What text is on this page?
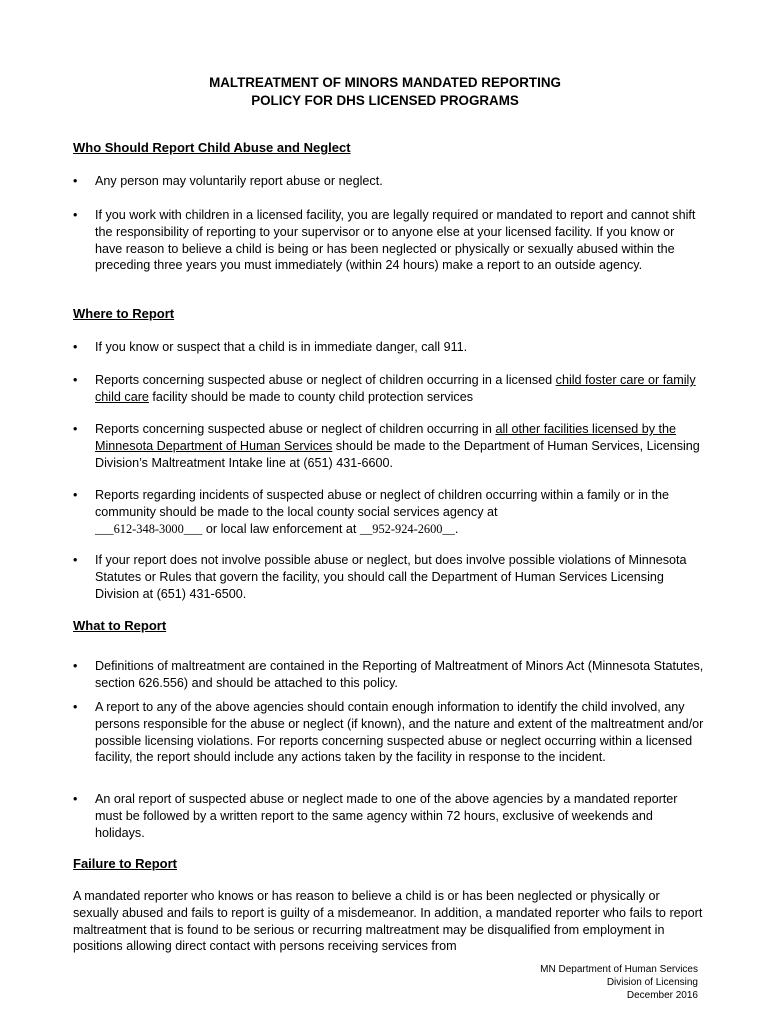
MALTREATMENT OF MINORS MANDATED REPORTING
POLICY FOR DHS LICENSED PROGRAMS
Who Should Report Child Abuse and Neglect
•	Any person may voluntarily report abuse or neglect.
•	If you work with children in a licensed facility, you are legally required or mandated to report and cannot shift the responsibility of reporting to your supervisor or to anyone else at your licensed facility. If you know or have reason to believe a child is being or has been neglected or physically or sexually abused within the preceding three years you must immediately (within 24 hours) make a report to an outside agency.
Where to Report
•	If you know or suspect that a child is in immediate danger, call 911.
•	Reports concerning suspected abuse or neglect of children occurring in a licensed child foster care or family child care facility should be made to county child protection services
•	Reports concerning suspected abuse or neglect of children occurring in all other facilities licensed by the Minnesota Department of Human Services should be made to the Department of Human Services, Licensing Division’s Maltreatment Intake line at (651) 431-6600.
•	Reports regarding incidents of suspected abuse or neglect of children occurring within a family or in the community should be made to the local county social services agency at
___612-348-3000___ or local law enforcement at __952-924-2600__.
•	If your report does not involve possible abuse or neglect, but does involve possible violations of Minnesota Statutes or Rules that govern the facility, you should call the Department of Human Services Licensing Division at (651) 431-6500.
What to Report
•	Definitions of maltreatment are contained in the Reporting of Maltreatment of Minors Act (Minnesota Statutes, section 626.556) and should be attached to this policy.
•	A report to any of the above agencies should contain enough information to identify the child involved, any persons responsible for the abuse or neglect (if known), and the nature and extent of the maltreatment and/or possible licensing violations. For reports concerning suspected abuse or neglect occurring within a licensed facility, the report should include any actions taken by the facility in response to the incident.
•	An oral report of suspected abuse or neglect made to one of the above agencies by a mandated reporter must be followed by a written report to the same agency within 72 hours, exclusive of weekends and holidays.
Failure to Report
A mandated reporter who knows or has reason to believe a child is or has been neglected or physically or sexually abused and fails to report is guilty of a misdemeanor. In addition, a mandated reporter who fails to report maltreatment that is found to be serious or recurring maltreatment may be disqualified from employment in positions allowing direct contact with persons receiving services from
MN Department of Human Services
Division of Licensing
December 2016
